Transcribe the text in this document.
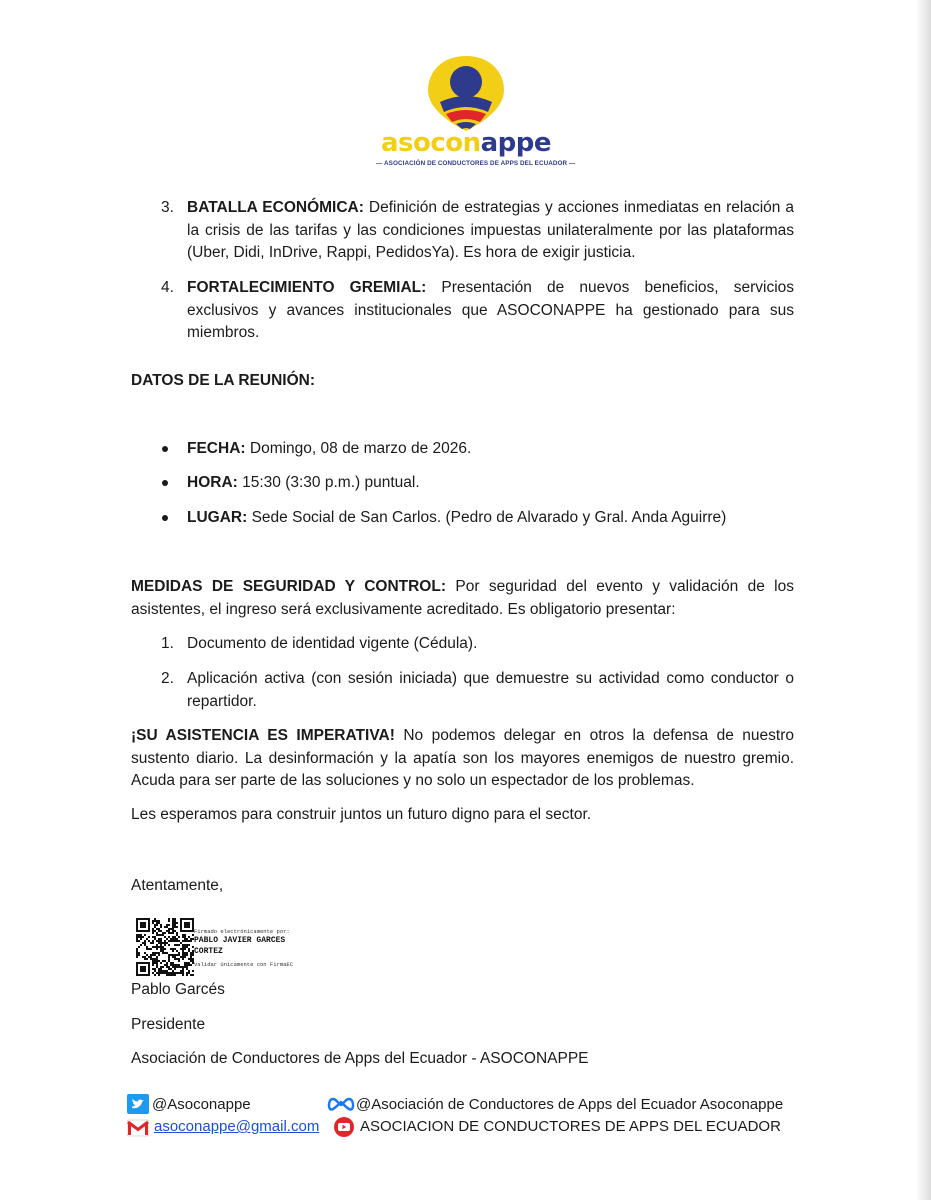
asoconappe
— ASOCIACIÓN DE CONDUCTORES DE APPS DEL ECUADOR —
3. BATALLA ECONÓMICA: Definición de estrategias y acciones inmediatas en relación a la crisis de las tarifas y las condiciones impuestas unilateralmente por las plataformas (Uber, Didi, InDrive, Rappi, PedidosYa). Es hora de exigir justicia.
4. FORTALECIMIENTO GREMIAL: Presentación de nuevos beneficios, servicios exclusivos y avances institucionales que ASOCONAPPE ha gestionado para sus miembros.
DATOS DE LA REUNIÓN:
FECHA: Domingo, 08 de marzo de 2026.
HORA: 15:30 (3:30 p.m.) puntual.
LUGAR: Sede Social de San Carlos. (Pedro de Alvarado y Gral. Anda Aguirre)
MEDIDAS DE SEGURIDAD Y CONTROL: Por seguridad del evento y validación de los asistentes, el ingreso será exclusivamente acreditado. Es obligatorio presentar:
1. Documento de identidad vigente (Cédula).
2. Aplicación activa (con sesión iniciada) que demuestre su actividad como conductor o repartidor.
¡SU ASISTENCIA ES IMPERATIVA! No podemos delegar en otros la defensa de nuestro sustento diario. La desinformación y la apatía son los mayores enemigos de nuestro gremio. Acuda para ser parte de las soluciones y no solo un espectador de los problemas.
Les esperamos para construir juntos un futuro digno para el sector.
Atentamente,
Firmado electrónicamente por:
PABLO JAVIER GARCES
CORTEZ
Validar únicamente con FirmaEC
Pablo Garcés
Presidente
Asociación de Conductores de Apps del Ecuador - ASOCONAPPE
@Asoconappe	@Asociación de Conductores de Apps del Ecuador Asoconappe
asoconappe@gmail.com	ASOCIACION DE CONDUCTORES DE APPS DEL ECUADOR
